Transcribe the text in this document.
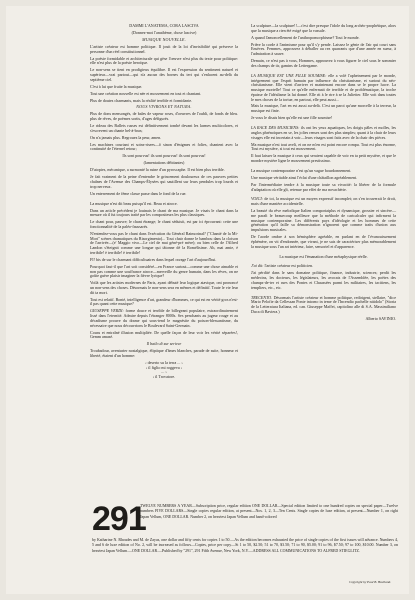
DAMMI L'ANATEMA, CORA LASCIVA

(Donnez-moi l'anathème, chose lascive)

MUSIQUE NOUVELLE.

L'artiste créateur est homme politique. Il jouit de la loi d'invisibilité qui préserve la personne d'un réel constitutionnel.

La poésie formidable et architecturale qui gèse l'oeuvre n'est plus du texte pour politique: elle n'est plus de la poésie heroïque.

Le non-sens se tient en prodigieux équilibre. Il est l'expression du sentiment naturel et supérieur—vrai partout—qui n'a aucun des bornes du tert qui s'enlacent au-delà du septième ciel.

C'est à lui que fruite la musique.

Tout une création nouvelle est née et mouvement en tout et chantant.

Plus de doutes charmants, mais la réalité terrible et formidante.

NOUS VIVRONS ET NATURA.

Plus de dons mensongés, de bales de vapeur roses, d'oeuvres de l'oubli, de fonds de bleu. plus de rêves, de poèmes sortis, d'ages défigurés.

Le rideau des Ballets russes est définitivement tombé devant les larmes multicolores, et s'escrevent un chante bel-à-bras;

On n'a jamais plus. Regrouez la peur, amen.

Les machines courtant et soins-risees—ô sinon d'énigmes et folies, chantent avec la continuité de l'éternel retour;

Ils sont pourvus! ils sont pourvus! ils sont pourvus!

(lamentations débitantes)

D'utopies, mécanique, a surmonté la ruine d'un pyroscaphe. Il est bien plus terrible.

Je fait vraiment de la peine d'entendre le grincement douloureux de ces pauvres petites chaînes de l'Avenue des Champs-Élysées qui sautillent sur leurs pendules trop lourds et trop nerveux.

Un enterrement de féme classe passe dans le fond de la rue.

La musique n'est dit beau puisqu'il est. Beau et atroce.

Dans un article précédent je louinais le chant de ma musique. Je visais le chant dans la mesure où il fut toujours traité par les compositeurs les plus classiques.

Le chant pour, pauvre; le chant étrange; le chant séduisit, est par ici éprouvant: cette une fonctionnalité de la paléo-faussarés.

N'entendez-vous pas le chant dans l'exécution du Général Raimorinal? ("Chanté de la Mi-Mort" scènes dramatiques du Risorgimento)... Tout chair donne le bambou dans la cloison de l'arrivée—(e' Maggio vivo—Le ciel de mai géné-pré mère); ou bien celle de l'Alfred Landon s'éteignit comme une longue qui tâtonne dé la Romélisime. Ah, mai amie, è terribile! è terribile! è terribile!

FI! bis de sur le charmant difficultuaires dans lequel ravage l'art d'aujourd'hui.

Pourquoi faut-il que l'art soit considéré—en France surtout—comme une chose aimable et non pas comme une souffrance atroce—merveille du genre humain, dans les rêves, on ne goûte guère plaisir imaginer la fièvre lyrique?

Voilà que les artistes modernes de Paris, ayant débuté leur logique atavique, ont prononcé un non-sens des choses. Désormais le non-sens sera en mêmes et définitif. Toute le vie leur dit ta mort.

Tout est relatif. Bonté, intelligence d'art, grandeur d'hommes, ce qui est en vérité gros n'est-il pas quant cette musique?

GIUSEPPE VERDI: forme douce et terrible de billegeant populaire, extraordinairement lissé dans l'eternité. Admire depuis l'étranger 8000s. Ses penchants au jugeur rouge et au décadisme prouve du drame qui sous-tend le magnésite du poison-blessantisme, du nécessaire que nous découvrions le Boulevard Saint-Germain.

Couru et entraîné illusion multipliée. De quelle façon de leur voir les vérité séparées!, Gemm amasé.

Il bailo di sur serivce

Troubadour, aventurier nostalgique, éliptique d'âmes blanches, parade de suite, honneur et liberté, étaient d'un homme:

‹ deserto su la terra ... ›

‹ il figlio mi roggeva ›

... ›

‹ il Trovatore.

La sculpture—la sculpture!!—c'est dire presque l'idole du long archéo-prophétique, alors que la musique a rien été exigé que la vassale.

A quand l'amoncellement de l'anthropomorphisme? Tout le monde.

Prière la corde à l'animisme pour qu'il s'y pende. Laissez le génie de l'air qui court sans Ensèves. Femmes, approuvez à déballer au rez quarrants que d'une année en sueur, à l'admiration à sauve.

Demain, ce n'est pas à vous, Hommes, approuvez à vous figurer le ciel sous le sommier des champs de tir, gamins de Lettergame.

LA MUSIQUE EST UNE FILLE SOUMISE: elle a volé l'apheinement par le monde, intégrement que l'esprit humain par influence du christianisme, et surtout du néo-christianisme. Elle vient d'arriver et maintenant encore dans se le propre lucre. La musique mortelle! Tout ce qu'elle enfermait de terrible et de problématique, la troche épaisse de l'idéalisme la lui donné. Elle rit à le rire à se la Julietter. Elle voit dans toutes le mes choses de la tortue, en partout, elle peut aussi...

Mais la musique, l'art en est aussi au-delà. C'est un paroi qu'une morcelle à la terreur, la musique est finie.

Je vous le disais bien qu'elle est une fille soumise!

LA RACE DES MUSICIENS: ils ont les yeux aquatiques, les doigts pâles et molles, les anglos phrénoïques en se, les jolies renses sont des plus simples; quant à la chair de leurs visages elle est incertain à voir—leurs visages sont faits avec de la chair des pièces.

Ma musique n'est tout aveli, et on ne m'en est point encore rompu. Tout est plus énorme, Tout est mystère, si tout est mouvement.

Il faut laisser la musique à ceux qui seraient capable de voir en ta petit mystère, et que le mondre mystère ligne le mouvement prestissimo.

La musique contemporaine n'est qu'un vague bourdonnement.

Une musique véritable ainsi l'éclat d'une châtaillon agréablement.

Par l'intermédiaire tendre à la musique toute sa vivacité: la libérer de la formule d'adaptation où elle gît, retenue par effet de ma novachérie.

VOICI: de toi, la musique est un moyen expressif incomplet; on s'en trouverait le droit, mais d'une manière accidentelle.

La beauté du rêve melodique Italien comportaiplus et dynamique, grossier et sincère—me paraît le beauecoup meilleure que la méthode de cartcalculer qui infirment la musique contemporaine. Les différents pays d'idéologie et les hommes de cette génération qu'il faille sa démonstration n'ignorent que comme traits d'union aux impulsions musicales.

De l'aorde ombre à son hémisphère agréable, en parlant en de l'évanouissement éphémère, on vit d'endonnée, que vivant, je ne sais de caractériser plus mémorablement la musique sous l'un art intérieur, faire, sensoriel et d'apparence.

La musique est l'émanation d'une métaphysique réelle.

J'ai dit: l'artiste créateur est politicien.

J'ai pérdité dans le sans domaine politique, finance, industrie, sciences; perdit les médecins, les docteurs, les législateurs, les avocats de l'Assemblée, les poètes des champs-de-ter et rues des Pontes et Chaussées parmi les militaires, les tacitiens, les templiers, etc., etc.

TRECENTO. Désormais l'artiste créateur et homme politique, redirigent, stellaire, "dice Mario Pelofie da Cellessan Ponte intorno in teme de l'Incendio pachelle nitidolo" (Storia de la Letteratura Italiana, ed. can. Giuseppe Maffei, capitolino alle di S.A. Massimiliano Duca di Baviera.)

Alberto SAVINIO.

291
TWELVE NUMBERS A YEAR—Subscription price, regular edition ONE DOLLAR—Special edition limited to one hundred copies on special paper—Twelve numbers FIVE DOLLARS—Single copies regular edition, at present—Nos. 1, 2, 3—Ten Cents. Single copies de luxe edition, at present—Number 1, on right Japan Vellum, ONE DOLLAR. Number 2, on heaviest Japan Vellum and hand-colored
by Katharine N. Rhoades and M. de Zayas, one dollar and fifty cents for copies 1 to 50.—As the edition becomes exhausted the price of single copies of the first issues will advance. Numbers 4, 5 and 6 de luxe edition of No. 2, will be increased as follows—Copies, price per copy—St 1 to 50, $2.50; 51 to 70, $3.50; 71 to 90, $5.00; 91 to 96, $7.50; 97 to 100, $10.00. Number 3, on heaviest Japan Vellum.—ONE DOLLAR.—Published by "291", 291 Fifth Avenue, New York, N.Y.—ADDRESS ALL COMMUNICATIONS TO ALFRED STIEGLITZ.
Copyright by Paul B. Haviland.
